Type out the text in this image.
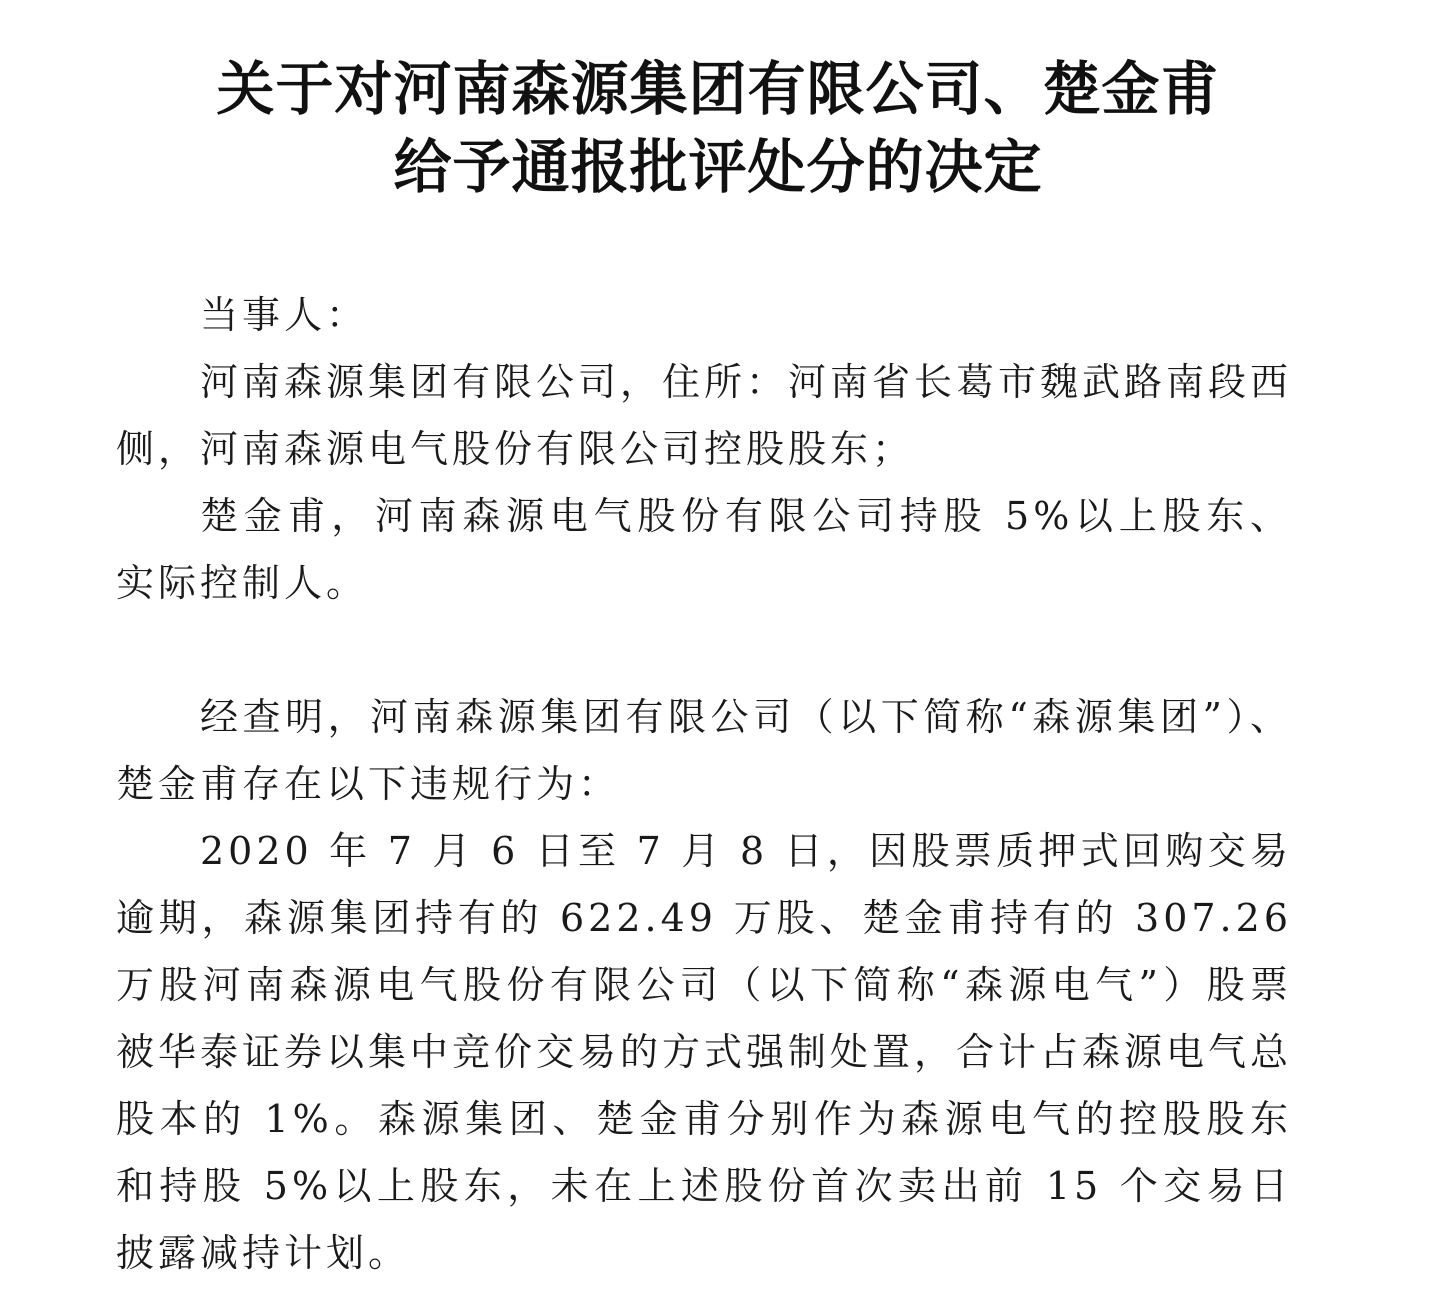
关于对河南森源集团有限公司、楚金甫
给予通报批评处分的决定

当事人：

河南森源集团有限公司，住所：河南省长葛市魏武路南段西侧，河南森源电气股份有限公司控股股东；

楚金甫，河南森源电气股份有限公司持股 5%以上股东、实际控制人。

经查明，河南森源集团有限公司（以下简称“森源集团”）、楚金甫存在以下违规行为：

2020 年 7 月 6 日至 7 月 8 日，因股票质押式回购交易逾期，森源集团持有的 622.49 万股、楚金甫持有的 307.26 万股河南森源电气股份有限公司（以下简称“森源电气”）股票被华泰证券以集中竞价交易的方式强制处置，合计占森源电气总股本的 1%。森源集团、楚金甫分别作为森源电气的控股股东和持股 5%以上股东，未在上述股份首次卖出前 15 个交易日披露减持计划。
